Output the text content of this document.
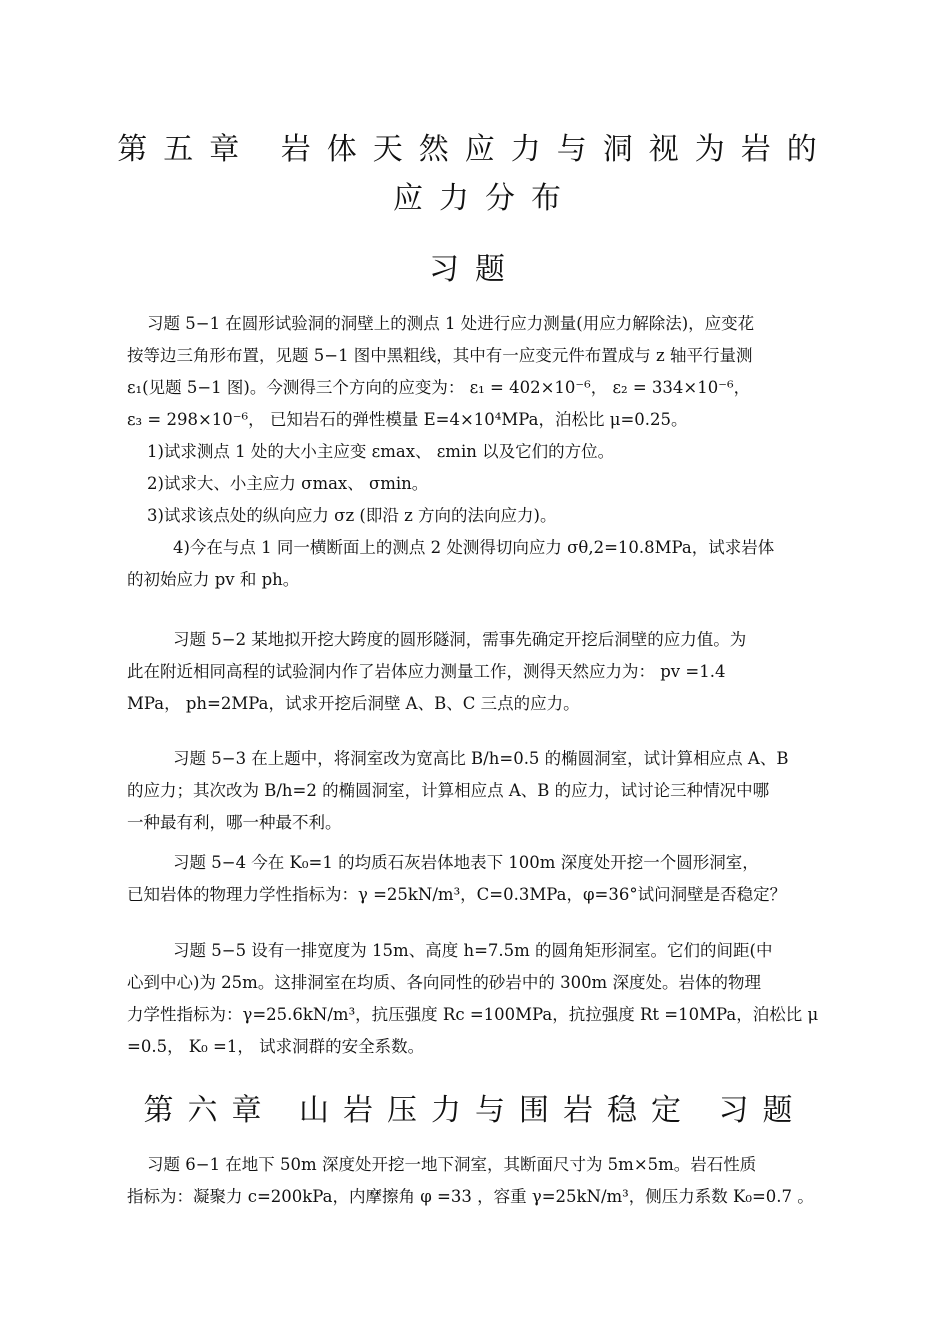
第五章 岩体天然应力与洞视为岩的
应力分布
习题
习题 5−1 在圆形试验洞的洞壁上的测点 1 处进行应力测量(用应力解除法)，应变花
按等边三角形布置，见题 5−1 图中黑粗线，其中有一应变元件布置成与 z 轴平行量测
ε₁(见题 5−1 图)。今测得三个方向的应变为： ε₁ = 402×10⁻⁶， ε₂ = 334×10⁻⁶，
ε₃ = 298×10⁻⁶， 已知岩石的弹性模量 E=4×10⁴MPa，泊松比 μ=0.25。
1)试求测点 1 处的大小主应变 εmax、 εmin 以及它们的方位。
2)试求大、小主应力 σmax、 σmin。
3)试求该点处的纵向应力 σz (即沿 z 方向的法向应力)。
4)今在与点 1 同一横断面上的测点 2 处测得切向应力 σθ,2=10.8MPa，试求岩体
的初始应力 pv 和 ph。
习题 5−2 某地拟开挖大跨度的圆形隧洞，需事先确定开挖后洞壁的应力值。为
此在附近相同高程的试验洞内作了岩体应力测量工作，测得天然应力为： pv =1.4
MPa， ph=2MPa，试求开挖后洞壁 A、B、C 三点的应力。
习题 5−3 在上题中，将洞室改为宽高比 B/h=0.5 的椭圆洞室，试计算相应点 A、B
的应力；其次改为 B/h=2 的椭圆洞室，计算相应点 A、B 的应力，试讨论三种情况中哪
一种最有利，哪一种最不利。
习题 5−4 今在 K₀=1 的均质石灰岩体地表下 100m 深度处开挖一个圆形洞室，
已知岩体的物理力学性指标为：γ =25kN/m³，C=0.3MPa，φ=36°试问洞壁是否稳定？
习题 5−5 设有一排宽度为 15m、高度 h=7.5m 的圆角矩形洞室。它们的间距(中
心到中心)为 25m。这排洞室在均质、各向同性的砂岩中的 300m 深度处。岩体的物理
力学性指标为：γ=25.6kN/m³，抗压强度 Rc =100MPa，抗拉强度 Rt =10MPa，泊松比 μ
=0.5， K₀ =1， 试求洞群的安全系数。
第六章 山岩压力与围岩稳定 习题
习题 6−1 在地下 50m 深度处开挖一地下洞室，其断面尺寸为 5m×5m。岩石性质
指标为：凝聚力 c=200kPa，内摩擦角 φ =33 ，容重 γ=25kN/m³，侧压力系数 K₀=0.7 。
